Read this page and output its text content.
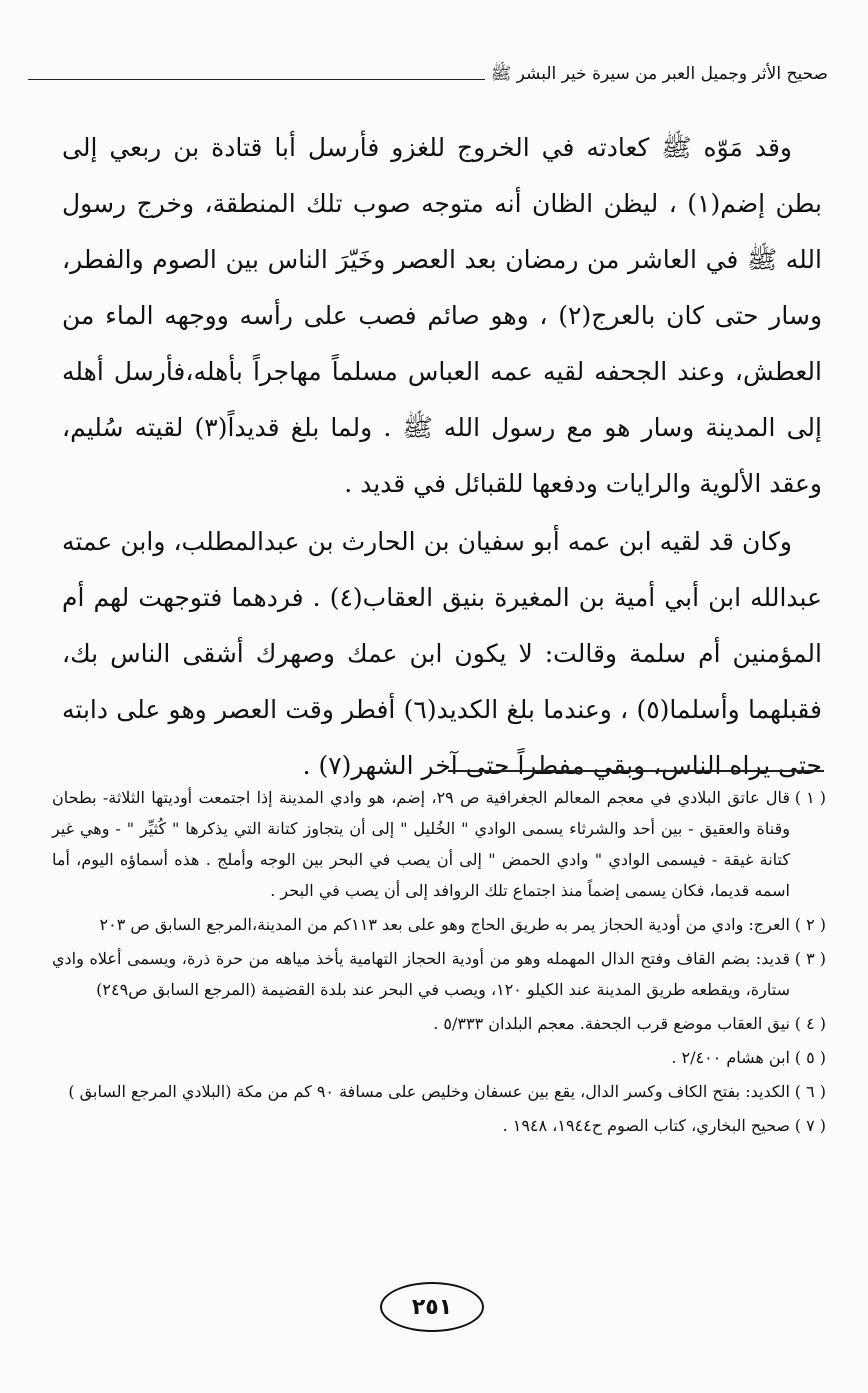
صحيح الأثر وجميل العبر من سيرة خير البشر ﷺ

وقد مَوّه ﷺ كعادته في الخروج للغزو فأرسل أبا قتادة بن ربعي إلى بطن إضم(١) ، ليظن الظان أنه متوجه صوب تلك المنطقة، وخرج رسول الله ﷺ في العاشر من رمضان بعد العصر وخَيّرَ الناس بين الصوم والفطر، وسار حتى كان بالعرج(٢) ، وهو صائم فصب على رأسه ووجهه الماء من العطش، وعند الجحفه لقيه عمه العباس مسلماً مهاجراً بأهله،فأرسل أهله إلى المدينة وسار هو مع رسول الله ﷺ . ولما بلغ قديداً(٣) لقيته سُليم، وعقد الألوية والرايات ودفعها للقبائل في قديد .

وكان قد لقيه ابن عمه أبو سفيان بن الحارث بن عبدالمطلب، وابن عمته عبدالله ابن أبي أمية بن المغيرة بنيق العقاب(٤) . فردهما فتوجهت لهم أم المؤمنين أم سلمة وقالت: لا يكون ابن عمك وصهرك أشقى الناس بك، فقبلهما وأسلما(٥) ، وعندما بلغ الكديد(٦) أفطر وقت العصر وهو على دابته حتى يراه الناس، وبقي مفطراً حتى آخر الشهر(٧) .

( ١ )
قال عاتق البلادي في معجم المعالم الجغرافية ص ٢٩، إضم، هو وادي المدينة إذا اجتمعت أوديتها الثلاثة- بطحان وقناة والعقيق - بين أحد والشرثاء يسمى الوادي " الخُليل " إلى أن يتجاوز كتانة التي يذكرها " كُثيِّر " - وهي غير كتانة غيقة - فيسمى الوادي " وادي الحمض " إلى أن يصب في البحر بين الوجه وأملج . هذه أسماؤه اليوم، أما اسمه قديما، فكان يسمى إضماً منذ اجتماع تلك الروافد إلى أن يصب في البحر .
( ٢ )
العرج: وادي من أودية الحجاز يمر به طريق الحاج وهو على بعد ١١٣كم من المدينة،المرجع السابق ص ٢٠٣
( ٣ )
قديد: بضم القاف وفتح الدال المهمله وهو من أودية الحجاز التهامية يأخذ مياهه من حرة ذرة، ويسمى أعلاه وادي ستارة، ويقطعه طريق المدينة عند الكيلو ١٢٠، ويصب في البحر عند بلدة القضيمة (المرجع السابق ص٢٤٩)
( ٤ )
نيق العقاب موضع قرب الجحفة. معجم البلدان ٥/٣٣٣ .
( ٥ )
ابن هشام ٢/٤٠٠ .
( ٦ )
الكديد: بفتح الكاف وكسر الدال، يقع بين عسفان وخليص على مسافة ٩٠ كم من مكة (البلادي المرجع السابق )
( ٧ )
صحيح البخاري، كتاب الصوم ح١٩٤٤، ١٩٤٨ .
٢٥١
